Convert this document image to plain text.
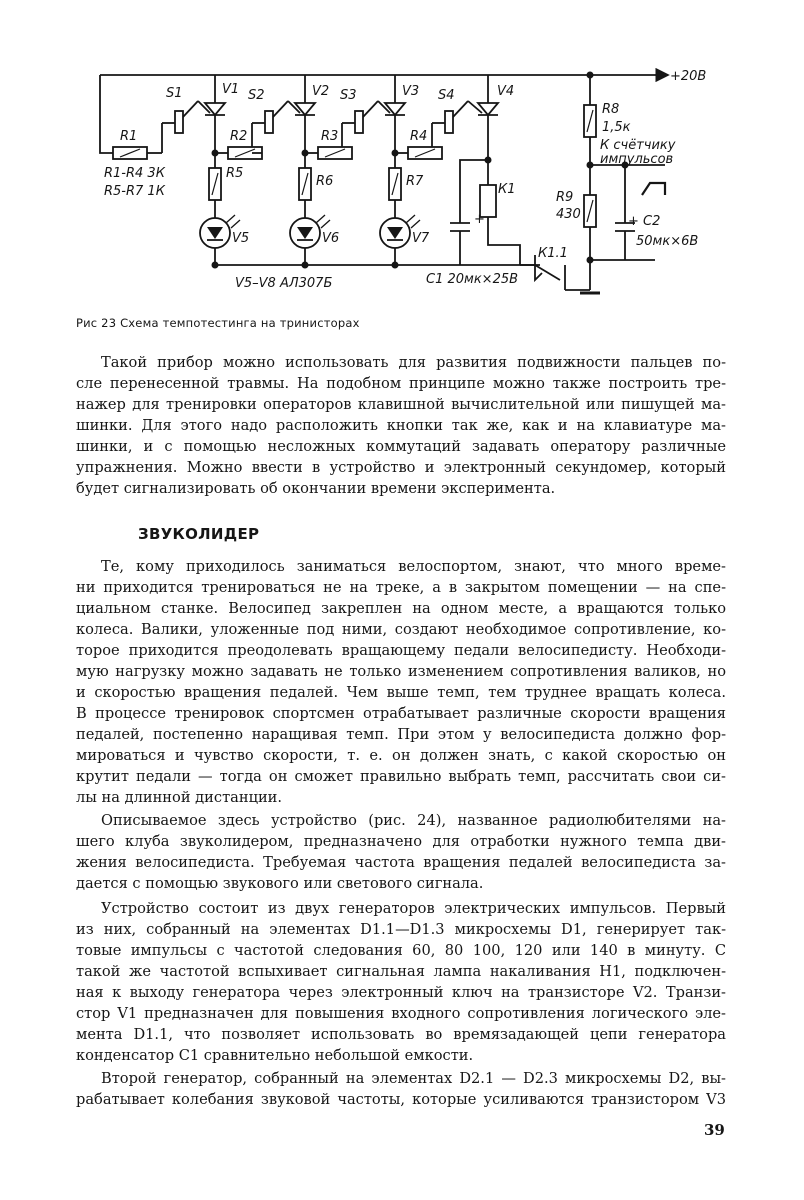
+20В
S1	V1 S2	V2 S3	V3 S4	V4
R1	R2	R3	R4
R1-R4 3К
R5-R7 1К
R5
R6	R7
V5	V6	V7
К1
К1.1
+
R8
1,5к
R9
430	+ C2
50мк×6В
К счётчику
импульсов
V5–V8 АЛ307Б	C1 20мк×25В
Рис 23 Схема темпотестинга на тринисторах

Такой прибор можно использовать для развития подвижности пальцев по-
сле перенесенной травмы. На подобном принципе можно также построить тре-
нажер для тренировки операторов клавишной вычислительной или пишущей ма-
шинки. Для этого надо расположить кнопки так же, как и на клавиатуре ма-
шинки, и с помощью несложных коммутаций задавать оператору различные
упражнения. Можно ввести в устройство и электронный секундомер, который
будет сигнализировать об окончании времени эксперимента.

ЗВУКОЛИДЕР

Те, кому приходилось заниматься велоспортом, знают, что много време-
ни приходится тренироваться не на треке, а в закрытом помещении — на спе-
циальном станке. Велосипед закреплен на одном месте, а вращаются только
колеса. Валики, уложенные под ними, создают необходимое сопротивление, ко-
торое приходится преодолевать вращающему педали велосипедисту. Необходи-
мую нагрузку можно задавать не только изменением сопротивления валиков, но
и скоростью вращения педалей. Чем выше темп, тем труднее вращать колеса.
В процессе тренировок спортсмен отрабатывает различные скорости вращения
педалей, постепенно наращивая темп. При этом у велосипедиста должно фор-
мироваться и чувство скорости, т. е. он должен знать, с какой скоростью он
крутит педали — тогда он сможет правильно выбрать темп, рассчитать свои си-
лы на длинной дистанции.

Описываемое здесь устройство (рис. 24), названное радиолюбителями на-
шего клуба звуколидером, предназначено для отработки нужного темпа дви-
жения велосипедиста. Требуемая частота вращения педалей велосипедиста за-
дается с помощью звукового или светового сигнала.

Устройство состоит из двух генераторов электрических импульсов. Первый
из них, собранный на элементах D1.1—D1.3 микросхемы D1, генерирует так-
товые импульсы с частотой следования 60, 80 100, 120 или 140 в минуту. С
такой же частотой вспыхивает сигнальная лампа накаливания H1, подключен-
ная к выходу генератора через электронный ключ на транзисторе V2. Транзи-
стор V1 предназначен для повышения входного сопротивления логического эле-
мента D1.1, что позволяет использовать во времязадающей цепи генератора
конденсатор C1 сравнительно небольшой емкости.

Второй генератор, собранный на элементах D2.1 — D2.3 микросхемы D2, вы-
рабатывает колебания звуковой частоты, которые усиливаются транзистором V3

39
